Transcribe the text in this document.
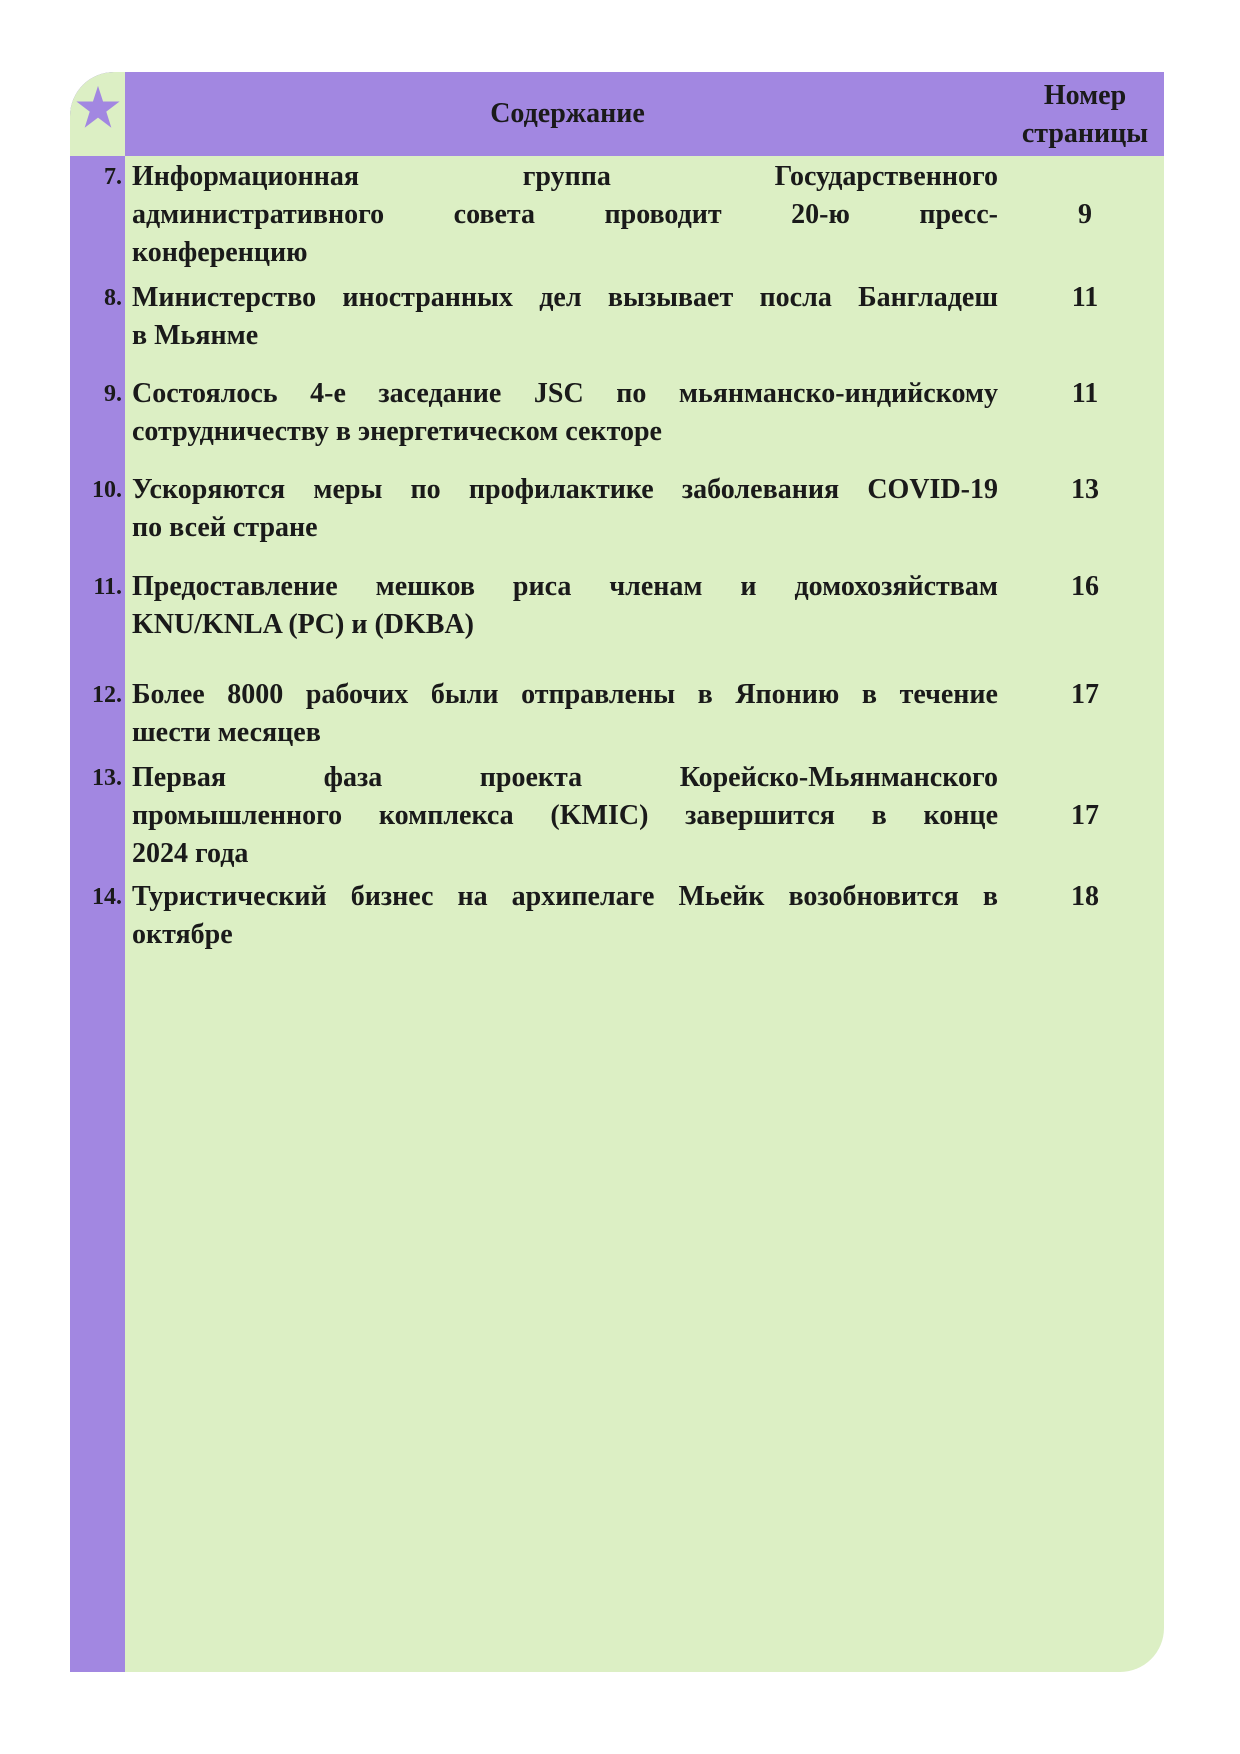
Содержание
Номер
страницы
7. Информационная группа Государственного
административного совета проводит 20-ю пресс-
конференцию
9
8. Министерство иностранных дел вызывает посла Бангладеш
в Мьянме
11
9. Состоялось 4-е заседание JSC по мьянманско-индийскому
сотрудничеству в энергетическом секторе
11
10. Ускоряются меры по профилактике заболевания COVID-19
по всей стране
13
11. Предоставление мешков риса членам и домохозяйствам
KNU/KNLA (PC) и (DKBA)
16
12. Более 8000 рабочих были отправлены в Японию в течение
шести месяцев
17
13. Первая фаза проекта Корейско-Мьянманского
промышленного комплекса (KMIC) завершится в конце
2024 года
17
14. Туристический бизнес на архипелаге Мьейк возобновится в
октябре
18
